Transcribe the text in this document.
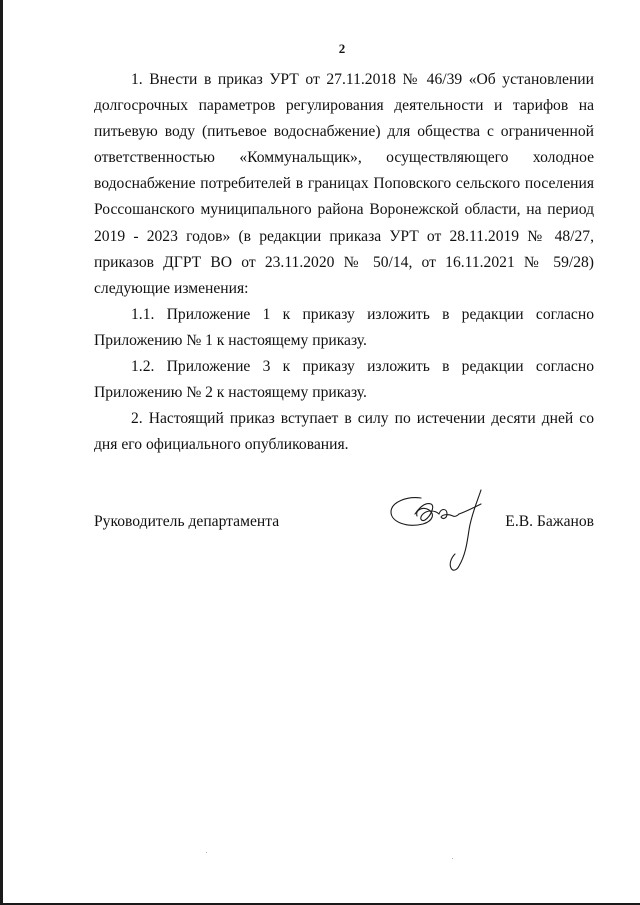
2

1. Внести в приказ УРТ от 27.11.2018 № 46/39 «Об установлении долгосрочных параметров регулирования деятельности и тарифов на питьевую воду (питьевое водоснабжение) для общества с ограниченной ответственностью «Коммунальщик», осуществляющего холодное водоснабжение потребителей в границах Поповского сельского поселения Россошанского муниципального района Воронежской области, на период 2019 - 2023 годов» (в редакции приказа УРТ от 28.11.2019 № 48/27, приказов ДГРТ ВО от 23.11.2020 № 50/14, от 16.11.2021 № 59/28) следующие изменения:

1.1. Приложение 1 к приказу изложить в редакции согласно Приложению № 1 к настоящему приказу.

1.2. Приложение 3 к приказу изложить в редакции согласно Приложению № 2 к настоящему приказу.

2. Настоящий приказ вступает в силу по истечении десяти дней со дня его официального опубликования.

Руководитель департамента	Е.В. Бажанов
